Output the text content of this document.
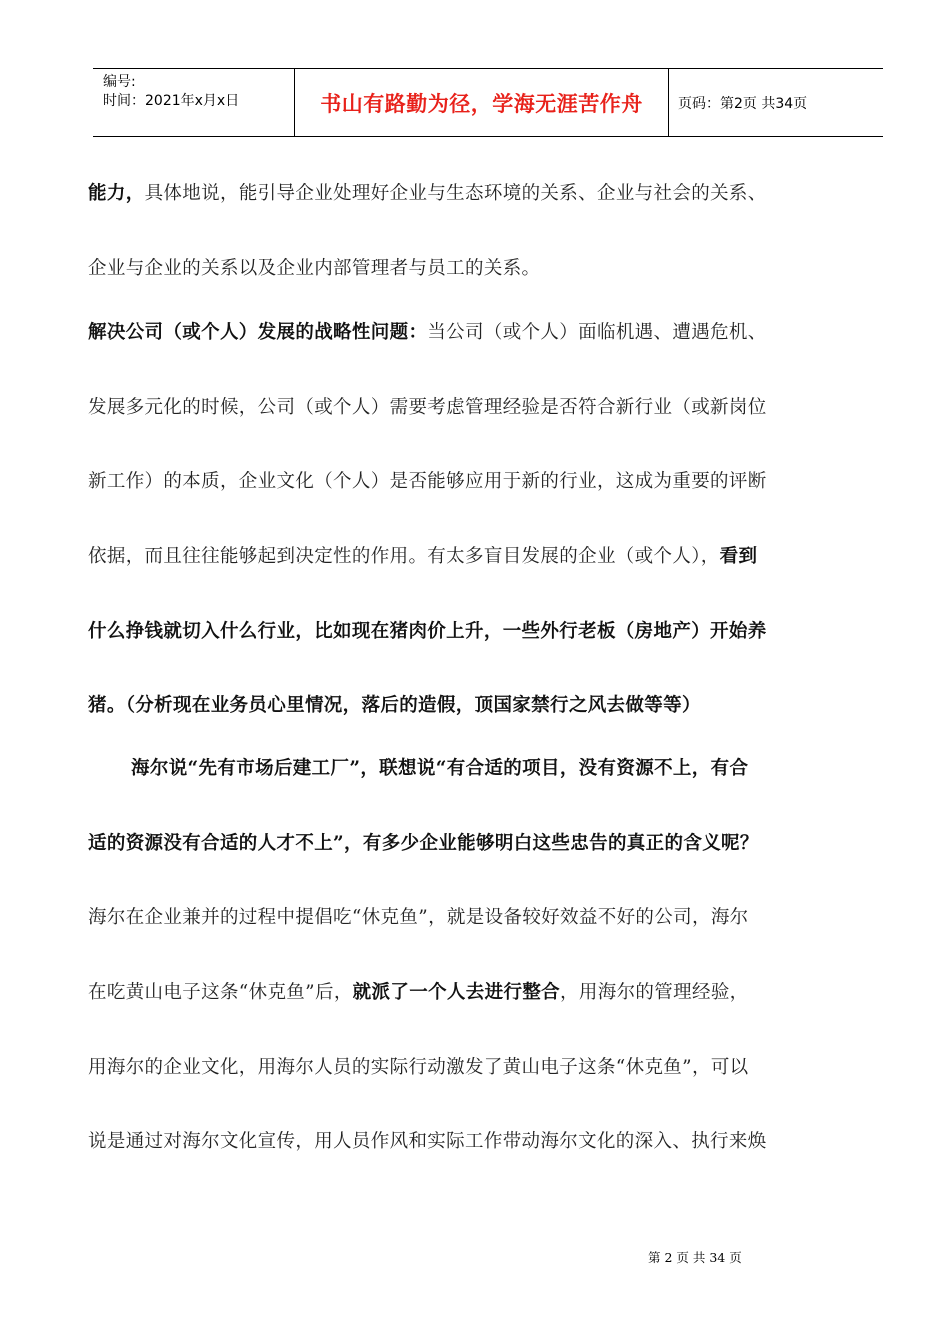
编号:
时间：2021年x月x日	书山有路勤为径，学海无涯苦作舟	页码：第2页 共34页
能力，具体地说，能引导企业处理好企业与生态环境的关系、企业与社会的关系、
企业与企业的关系以及企业内部管理者与员工的关系。
解决公司（或个人）发展的战略性问题：当公司（或个人）面临机遇、遭遇危机、
发展多元化的时候，公司（或个人）需要考虑管理经验是否符合新行业（或新岗位
新工作）的本质，企业文化（个人）是否能够应用于新的行业，这成为重要的评断
依据，而且往往能够起到决定性的作用。有太多盲目发展的企业（或个人），看到
什么挣钱就切入什么行业，比如现在猪肉价上升，一些外行老板（房地产）开始养
猪。（分析现在业务员心里情况，落后的造假，顶国家禁行之风去做等等）
海尔说“先有市场后建工厂”，联想说“有合适的项目，没有资源不上，有合
适的资源没有合适的人才不上”，有多少企业能够明白这些忠告的真正的含义呢？
海尔在企业兼并的过程中提倡吃“休克鱼”，就是设备较好效益不好的公司，海尔
在吃黄山电子这条“休克鱼”后，就派了一个人去进行整合，用海尔的管理经验，
用海尔的企业文化，用海尔人员的实际行动激发了黄山电子这条“休克鱼”，可以
说是通过对海尔文化宣传，用人员作风和实际工作带动海尔文化的深入、执行来焕
第 2 页 共 34 页
